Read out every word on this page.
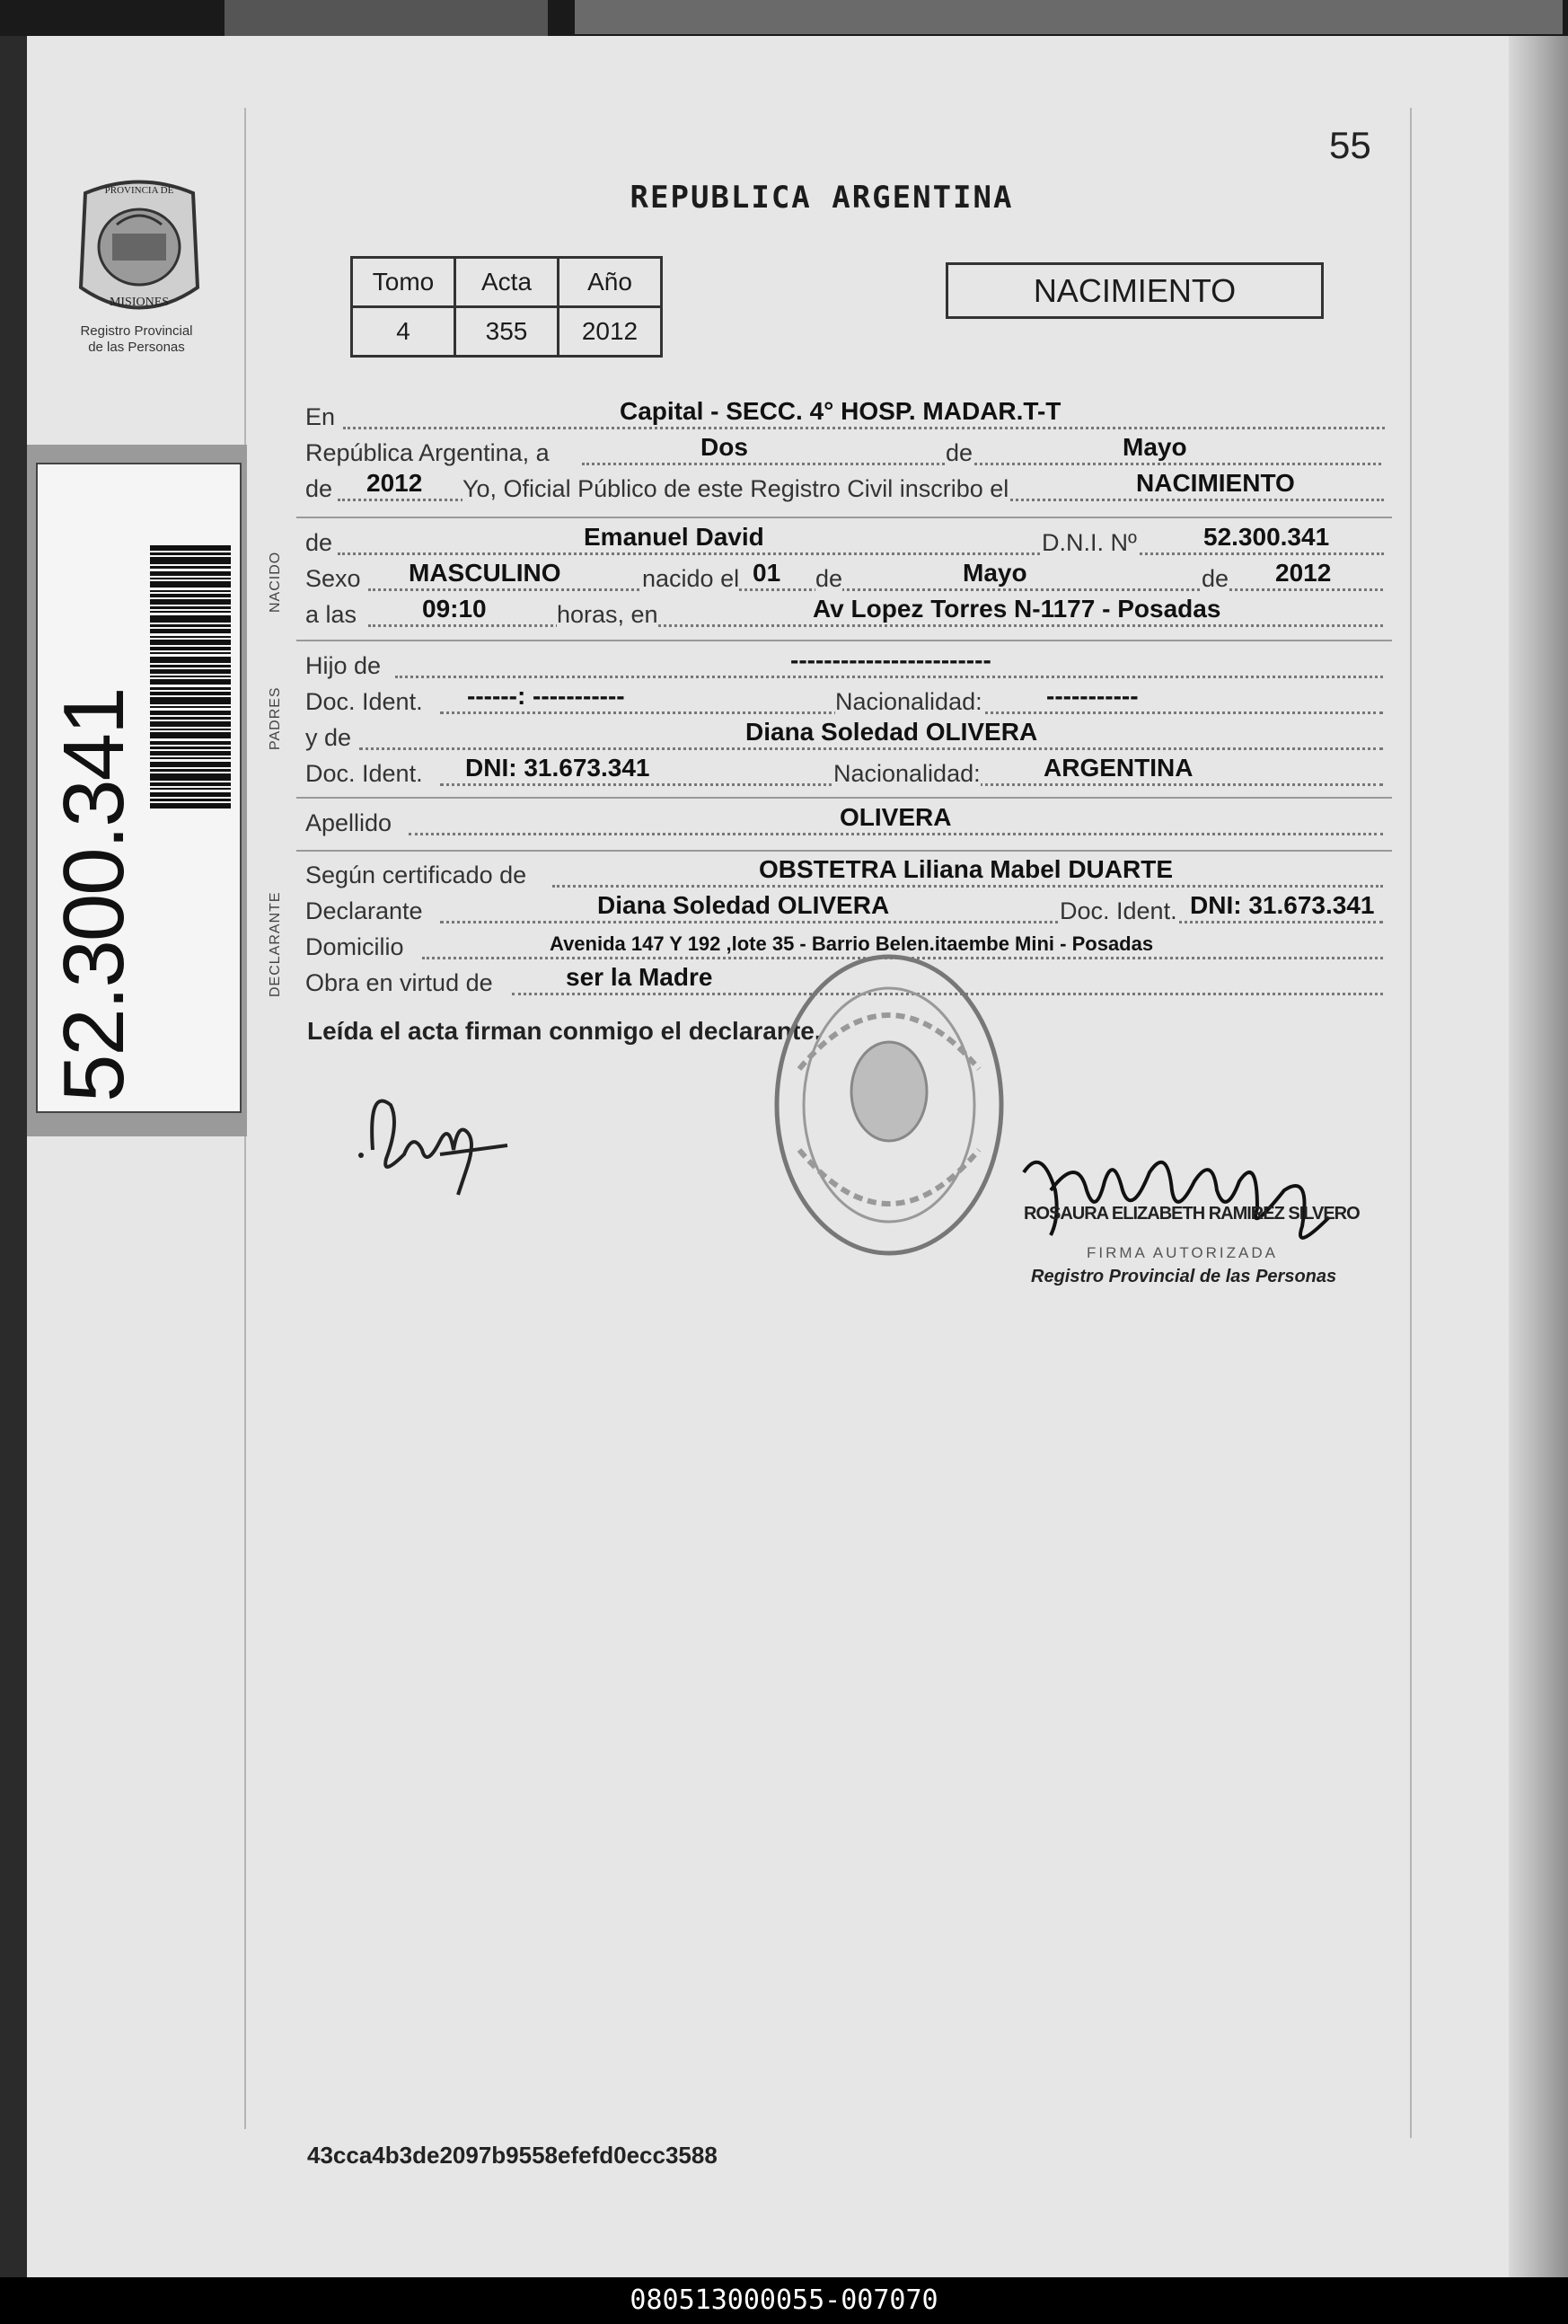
PROVINCIA DE
MISIONES
Registro Provincial
de las Personas
52.300.341
55
REPUBLICA ARGENTINA
Tomo	Acta	Año
4	355	2012
NACIMIENTO
En	Capital - SECC. 4° HOSP. MADAR.T-T
República Argentina, a	Dos	de	Mayo
de 2012 Yo, Oficial Público de este Registro Civil inscribo el	NACIMIENTO
de	Emanuel David	D.N.I. Nº	52.300.341
Sexo MASCULINO	nacido el 01 de	Mayo	de 2012
a las	09:10	horas, en	Av Lopez Torres N-1177 - Posadas
Hijo de	------------------------
Doc. Ident. ------: -----------	Nacionalidad:	-----------
y de	Diana Soledad OLIVERA
Doc. Ident. DNI: 31.673.341	Nacionalidad:	ARGENTINA
Apellido	OLIVERA
Según certificado de	OBSTETRA Liliana Mabel DUARTE
Declarante	Diana Soledad OLIVERA	Doc. Ident. DNI: 31.673.341
Domicilio	Avenida 147 Y 192 ,lote 35 - Barrio Belen.itaembe Mini - Posadas
Obra en virtud de	ser la Madre
NACIDO
PADRES
DECLARANTE
Leída el acta firman conmigo el declarante.
ROSAURA ELIZABETH RAMIREZ SILVERO
FIRMA AUTORIZADA
Registro Provincial de las Personas
43cca4b3de2097b9558efefd0ecc3588
080513000055-007070
